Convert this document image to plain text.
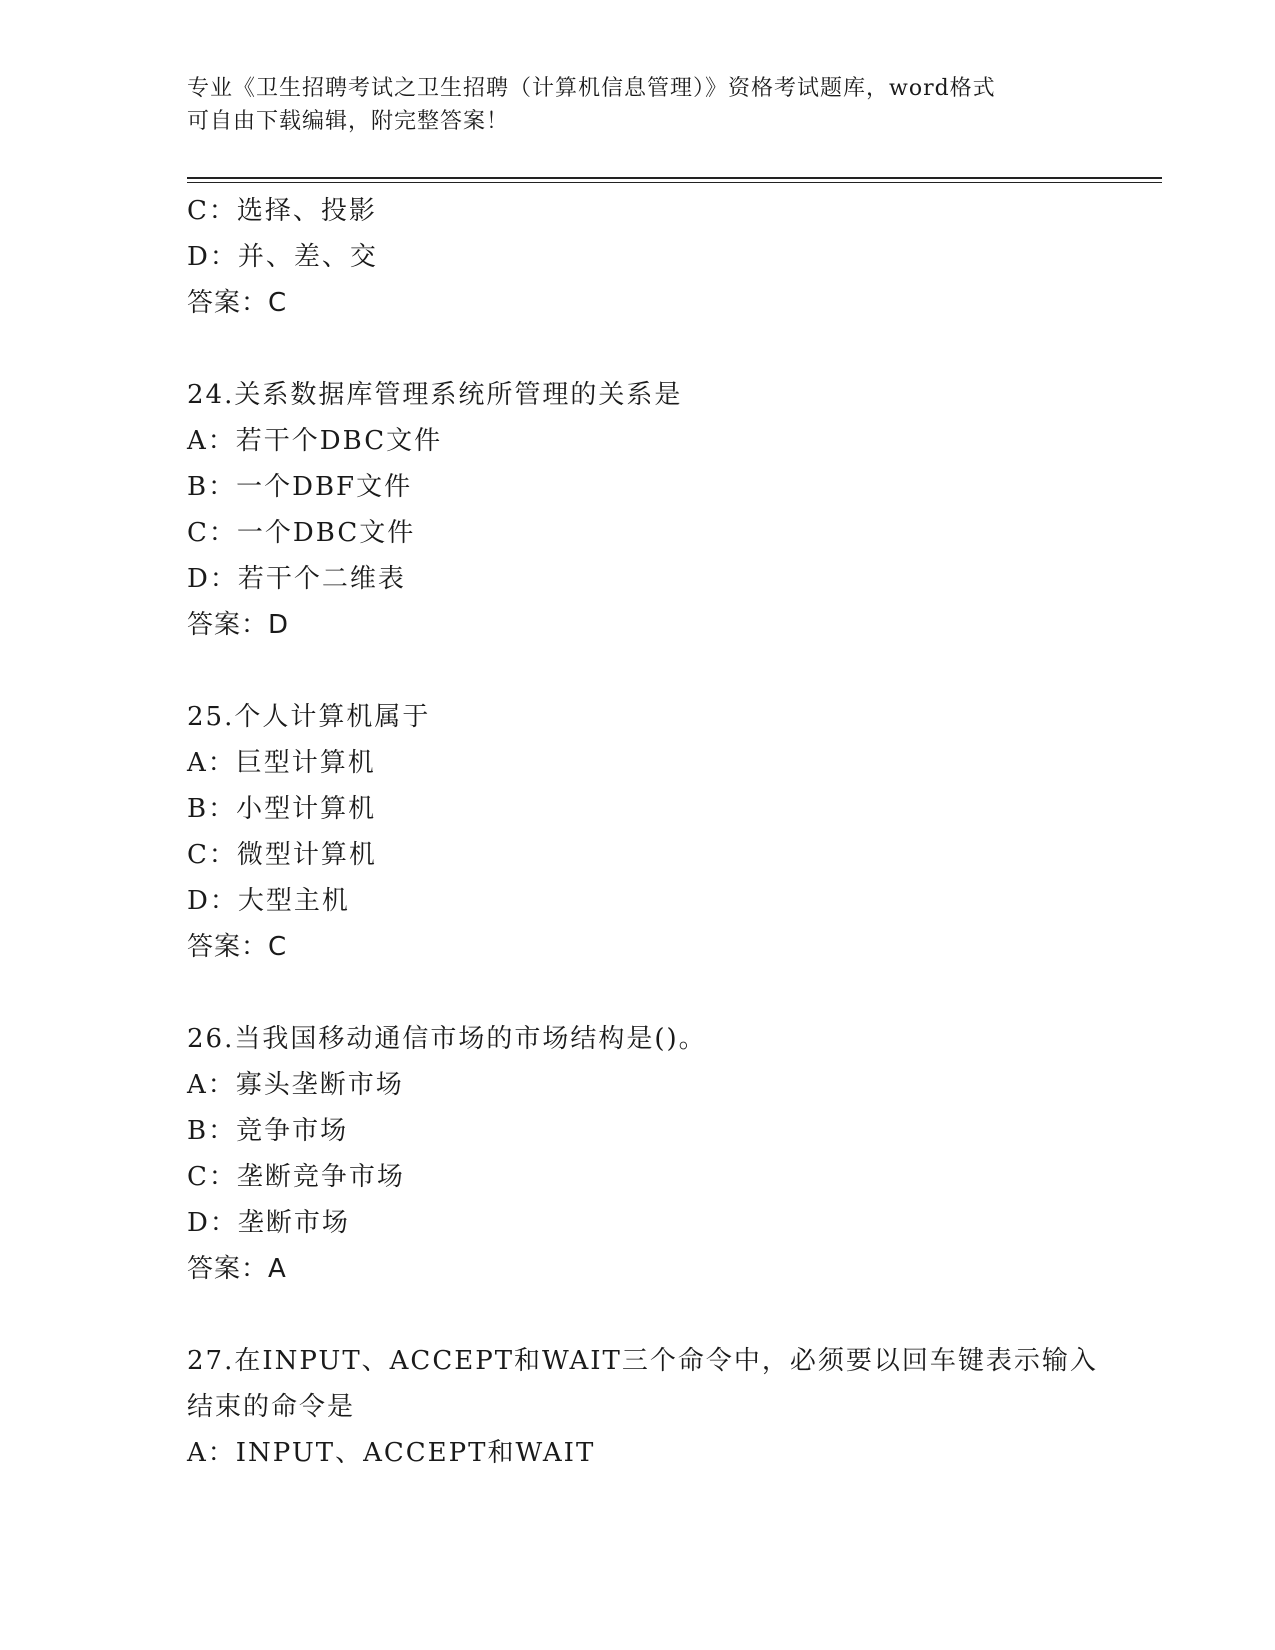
专业《卫生招聘考试之卫生招聘（计算机信息管理）》资格考试题库，word格式
可自由下载编辑，附完整答案！
C：选择、投影
D：并、差、交
答案：C
24.关系数据库管理系统所管理的关系是
A：若干个DBC文件
B：一个DBF文件
C：一个DBC文件
D：若干个二维表
答案：D
25.个人计算机属于
A：巨型计算机
B：小型计算机
C：微型计算机
D：大型主机
答案：C
26.当我国移动通信市场的市场结构是()。
A：寡头垄断市场
B：竞争市场
C：垄断竞争市场
D：垄断市场
答案：A
27.在INPUT、ACCEPT和WAIT三个命令中，必须要以回车键表示输入
结束的命令是
A：INPUT、ACCEPT和WAIT
